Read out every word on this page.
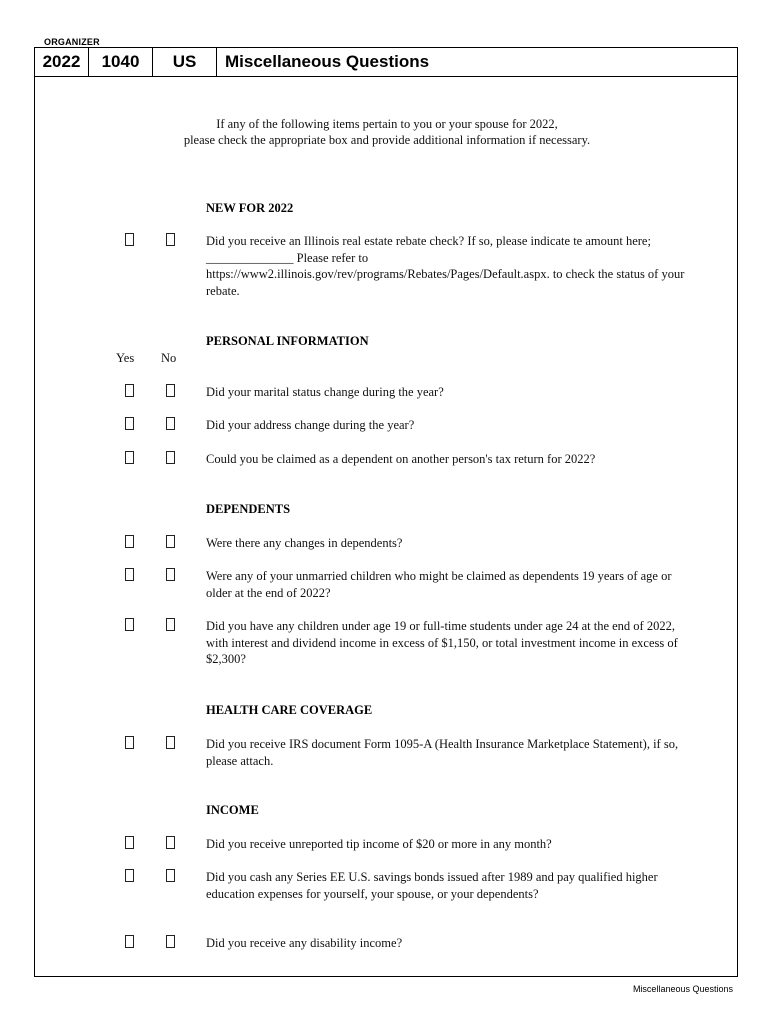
ORGANIZER
2022	1040	US	Miscellaneous Questions
If any of the following items pertain to you or your spouse for 2022,
please check the appropriate box and provide additional information if necessary.
NEW FOR 2022
Did you receive an Illinois real estate rebate check? If so, please indicate te amount here; ______________ Please refer to https://www2.illinois.gov/rev/programs/Rebates/Pages/Default.aspx. to check the status of your rebate.
PERSONAL INFORMATION
Yes No
Did your marital status change during the year?
Did your address change during the year?
Could you be claimed as a dependent on another person's tax return for 2022?
DEPENDENTS
Were there any changes in dependents?
Were any of your unmarried children who might be claimed as dependents 19 years of age or older at the end of 2022?
Did you have any children under age 19 or full-time students under age 24 at the end of 2022, with interest and dividend income in excess of $1,150, or total investment income in excess of $2,300?
HEALTH CARE COVERAGE
Did you receive IRS document Form 1095-A (Health Insurance Marketplace Statement), if so, please attach.
INCOME
Did you receive unreported tip income of $20 or more in any month?
Did you cash any Series EE U.S. savings bonds issued after 1989 and pay qualified higher education expenses for yourself, your spouse, or your dependents?
Did you receive any disability income?
Miscellaneous Questions
